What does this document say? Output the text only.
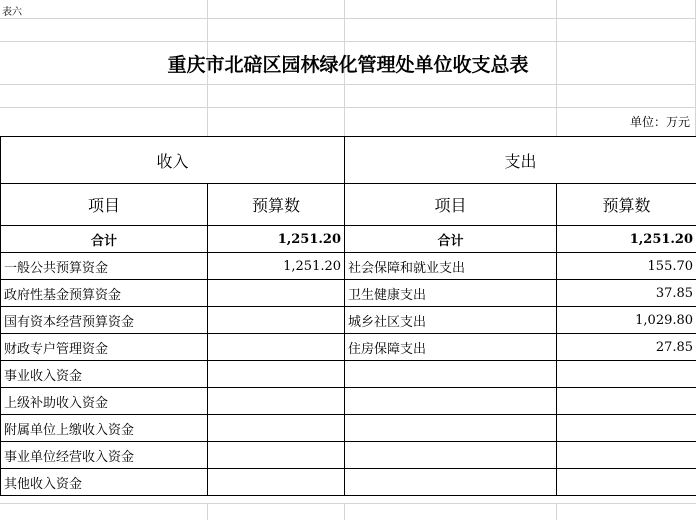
表六
重庆市北碚区园林绿化管理处单位收支总表
单位：万元
收入		支出	
项目	预算数	项目	预算数
合计	1,251.20	合计	1,251.20
一般公共预算资金	1,251.20	社会保障和就业支出	155.70
政府性基金预算资金		卫生健康支出	37.85
国有资本经营预算资金		城乡社区支出	1,029.80
财政专户管理资金		住房保障支出	27.85
事业收入资金			
上级补助收入资金			
附属单位上缴收入资金			
事业单位经营收入资金			
其他收入资金			
